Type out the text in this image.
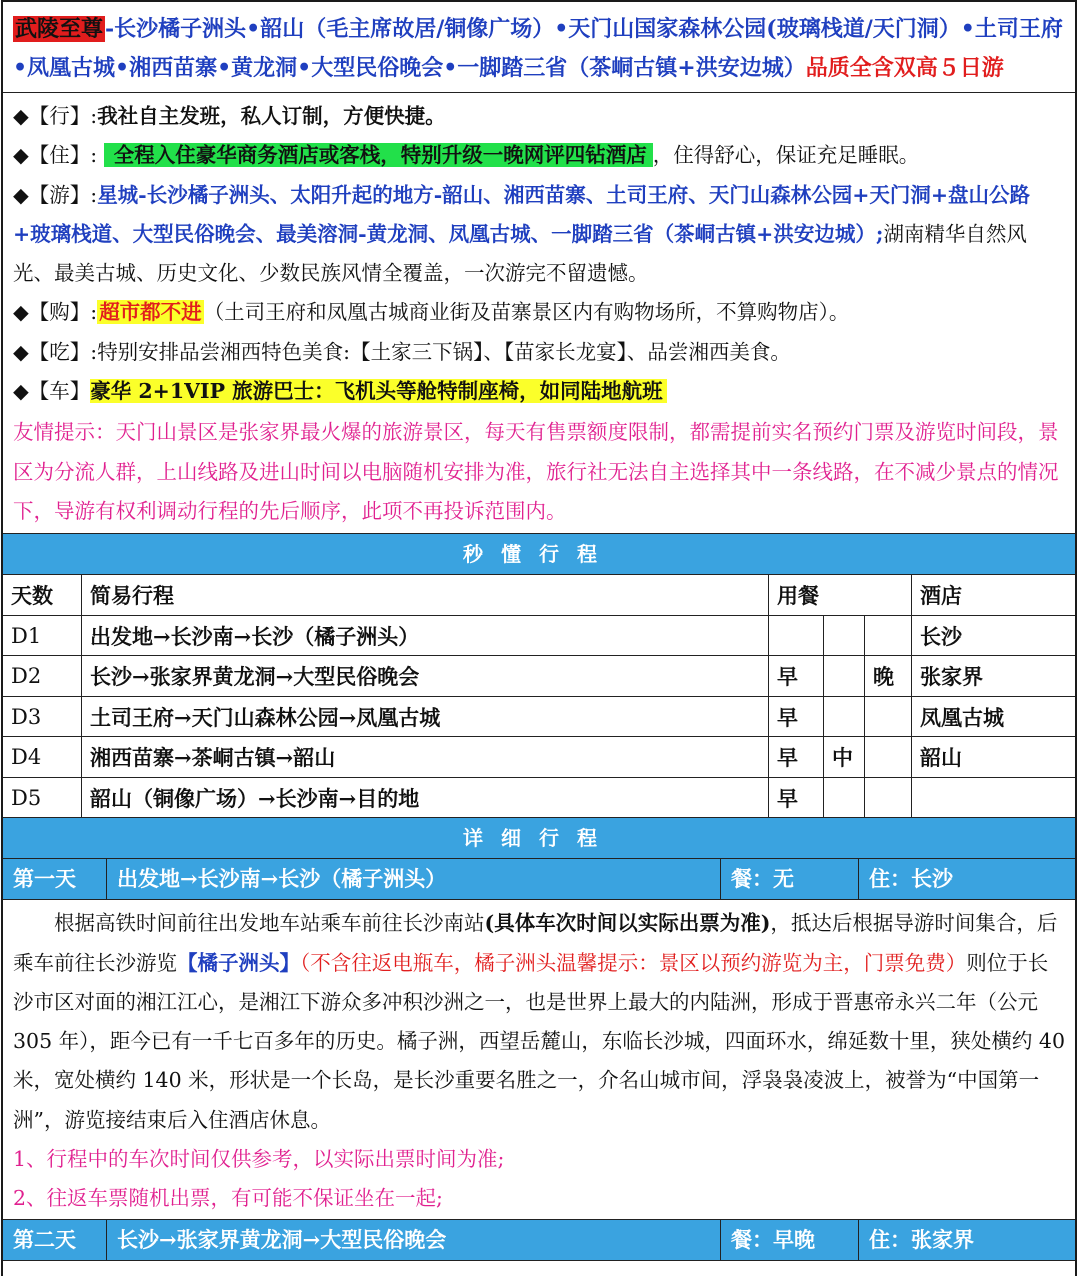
武陵至尊-长沙橘子洲头•韶山（毛主席故居/铜像广场）•天门山国家森林公园(玻璃栈道/天门洞）•土司王府•凤凰古城•湘西苗寨•黄龙洞•大型民俗晚会•一脚踏三省（茶峒古镇+洪安边城）品质全含双高５日游
◆【行】:我社自主发班，私人订制，方便快捷。
◆【住】: 全程入住豪华商务酒店或客栈，特别升级一晚网评四钻酒店 ，住得舒心，保证充足睡眠。
◆【游】:星城-长沙橘子洲头、太阳升起的地方-韶山、湘西苗寨、土司王府、天门山森林公园+天门洞+盘山公路+玻璃栈道、大型民俗晚会、最美溶洞-黄龙洞、凤凰古城、一脚踏三省（茶峒古镇+洪安边城）;湖南精华自然风光、最美古城、历史文化、少数民族风情全覆盖，一次游完不留遗憾。
◆【购】:超市都不进（土司王府和凤凰古城商业街及苗寨景区内有购物场所，不算购物店）。
◆【吃】:特别安排品尝湘西特色美食:【土家三下锅】、【苗家长龙宴】、品尝湘西美食。
◆【车】豪华 2+1VIP 旅游巴士：飞机头等舱特制座椅，如同陆地航班
友情提示：天门山景区是张家界最火爆的旅游景区，每天有售票额度限制，都需提前实名预约门票及游览时间段，景区为分流人群，上山线路及进山时间以电脑随机安排为准，旅行社无法自主选择其中一条线路，在不减少景点的情况下，导游有权利调动行程的先后顺序，此项不再投诉范围内。
秒懂行程
天数	简易行程	用餐			酒店
D1	出发地→长沙南→长沙（橘子洲头）				长沙
D2	长沙→张家界黄龙洞→大型民俗晚会	早		晚	张家界
D3	土司王府→天门山森林公园→凤凰古城	早			凤凰古城
D4	湘西苗寨→茶峒古镇→韶山	早	中		韶山
D5	韶山（铜像广场）→长沙南→目的地	早			
详细行程
第一天	出发地→长沙南→长沙（橘子洲头）	餐：无	住：长沙
根据高铁时间前往出发地车站乘车前往长沙南站(具体车次时间以实际出票为准)，抵达后根据导游时间集合，后乘车前往长沙游览【橘子洲头】（不含往返电瓶车，橘子洲头温馨提示：景区以预约游览为主，门票免费）则位于长沙市区对面的湘江江心，是湘江下游众多冲积沙洲之一，也是世界上最大的内陆洲，形成于晋惠帝永兴二年（公元 305 年），距今已有一千七百多年的历史。橘子洲，西望岳麓山，东临长沙城，四面环水，绵延数十里，狭处横约 40 米，宽处横约 140 米，形状是一个长岛，是长沙重要名胜之一，介名山城市间，浮袅袅凌波上，被誉为“中国第一洲”，游览接结束后入住酒店休息。
1、行程中的车次时间仅供参考，以实际出票时间为准;
2、往返车票随机出票，有可能不保证坐在一起;
第二天	长沙→张家界黄龙洞→大型民俗晚会	餐：早晚	住：张家界
